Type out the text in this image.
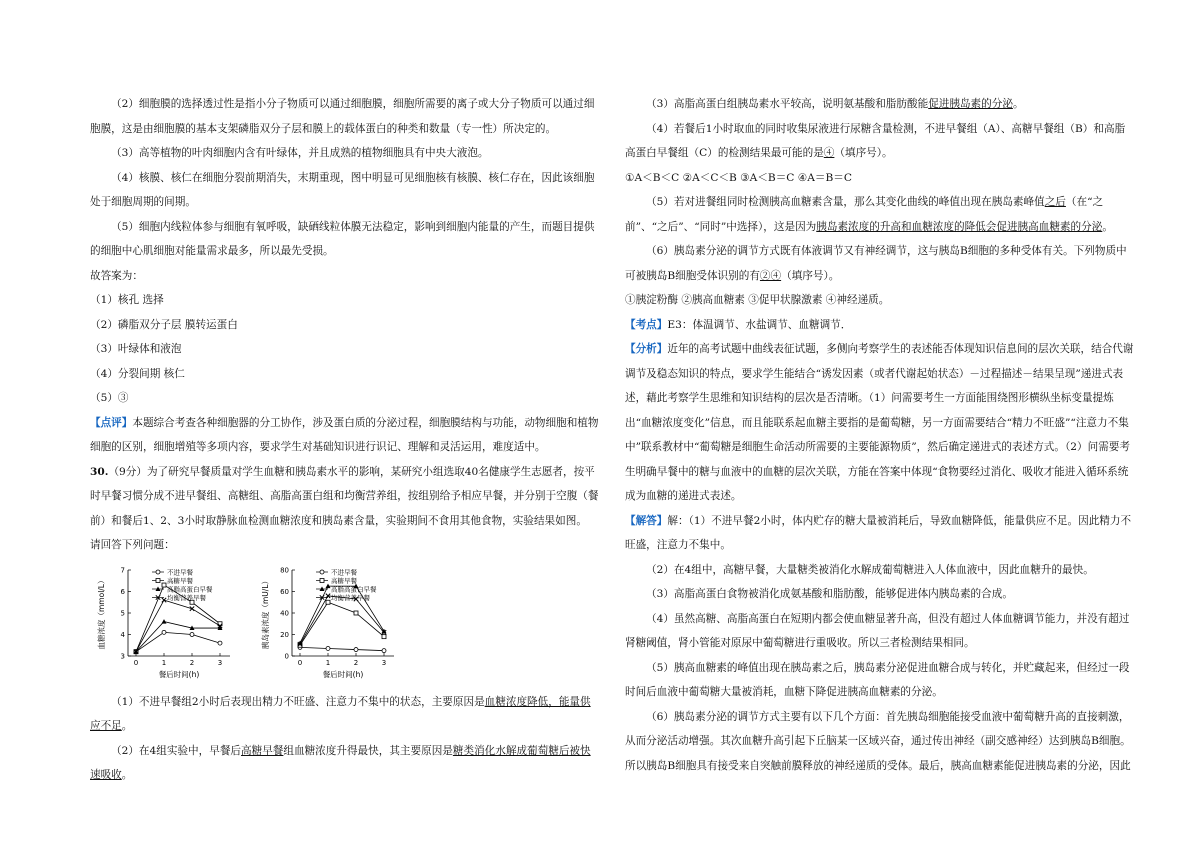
（2）细胞膜的选择透过性是指小分子物质可以通过细胞膜，细胞所需要的离子或大分子物质可以通过细胞膜，这是由细胞膜的基本支架磷脂双分子层和膜上的载体蛋白的种类和数量（专一性）所决定的。

（3）高等植物的叶肉细胞内含有叶绿体，并且成熟的植物细胞具有中央大液泡。

（4）核膜、核仁在细胞分裂前期消失，末期重现，图中明显可见细胞核有核膜、核仁存在，因此该细胞处于细胞周期的间期。

（5）细胞内线粒体参与细胞有氧呼吸，缺硒线粒体膜无法稳定，影响到细胞内能量的产生，而题目提供的细胞中心肌细胞对能量需求最多，所以最先受损。

故答案为：

（1）核孔 选择

（2）磷脂双分子层 膜转运蛋白

（3）叶绿体和液泡

（4）分裂间期 核仁

（5）③

【点评】本题综合考查各种细胞器的分工协作，涉及蛋白质的分泌过程，细胞膜结构与功能，动物细胞和植物细胞的区别，细胞增殖等多项内容，要求学生对基础知识进行识记、理解和灵活运用，难度适中。

30.（9分）为了研究早餐质量对学生血糖和胰岛素水平的影响，某研究小组选取40名健康学生志愿者，按平时早餐习惯分成不进早餐组、高糖组、高脂高蛋白组和均衡营养组，按组别给予相应早餐，并分别于空腹（餐前）和餐后1、2、3小时取静脉血检测血糖浓度和胰岛素含量，实验期间不食用其他食物，实验结果如图。

请回答下列问题：

3
4
5
6
7
0	1	2	3
餐后时间(h)
血糖浓度（mmol/L）
不进早餐
高糖早餐
高脂高蛋白早餐
均衡营养早餐
0
20
40
60
80
0	1	2	3
餐后时间(h)
胰岛素浓度（mU/L）
不进早餐
高糖早餐
高脂高蛋白早餐
均衡营养早餐

（1）不进早餐组2小时后表现出精力不旺盛、注意力不集中的状态，主要原因是血糖浓度降低，能量供应不足。

（2）在4组实验中，早餐后高糖早餐组血糖浓度升得最快，其主要原因是糖类消化水解成葡萄糖后被快速吸收。

（3）高脂高蛋白组胰岛素水平较高，说明氨基酸和脂肪酸能促进胰岛素的分泌。

（4）若餐后1小时取血的同时收集尿液进行尿糖含量检测，不进早餐组（A）、高糖早餐组（B）和高脂高蛋白早餐组（C）的检测结果最可能的是④（填序号）。

①A＜B＜C ②A＜C＜B ③A＜B＝C ④A＝B＝C

（5）若对进餐组同时检测胰高血糖素含量，那么其变化曲线的峰值出现在胰岛素峰值之后（在“之前”、“之后”、“同时”中选择），这是因为胰岛素浓度的升高和血糖浓度的降低会促进胰高血糖素的分泌。

（6）胰岛素分泌的调节方式既有体液调节又有神经调节，这与胰岛B细胞的多种受体有关。下列物质中可被胰岛B细胞受体识别的有②④（填序号）。

①胰淀粉酶 ②胰高血糖素 ③促甲状腺激素 ④神经递质。

【考点】E3：体温调节、水盐调节、血糖调节．

【分析】近年的高考试题中曲线表征试题，多侧向考察学生的表述能否体现知识信息间的层次关联，结合代谢调节及稳态知识的特点，要求学生能结合“诱发因素（或者代谢起始状态）－过程描述－结果呈现”递进式表述，藉此考察学生思维和知识结构的层次是否清晰。（1）问需要考生一方面能围绕图形横纵坐标变量提炼出“血糖浓度变化”信息，而且能联系起血糖主要指的是葡萄糖，另一方面需要结合“精力不旺盛”“注意力不集中”联系教材中“葡萄糖是细胞生命活动所需要的主要能源物质”，然后确定递进式的表述方式。（2）问需要考生明确早餐中的糖与血液中的血糖的层次关联，方能在答案中体现“食物要经过消化、吸收才能进入循环系统成为血糖的递进式表述。

【解答】解：（1）不进早餐2小时，体内贮存的糖大量被消耗后，导致血糖降低，能量供应不足。因此精力不旺盛，注意力不集中。

（2）在4组中，高糖早餐，大量糖类被消化水解成葡萄糖进入人体血液中，因此血糖升的最快。

（3）高脂高蛋白食物被消化成氨基酸和脂肪酸，能够促进体内胰岛素的合成。

（4）虽然高糖、高脂高蛋白在短期内都会使血糖显著升高，但没有超过人体血糖调节能力，并没有超过肾糖阈值，肾小管能对原尿中葡萄糖进行重吸收。所以三者检测结果相同。

（5）胰高血糖素的峰值出现在胰岛素之后，胰岛素分泌促进血糖合成与转化，并贮藏起来，但经过一段时间后血液中葡萄糖大量被消耗，血糖下降促进胰高血糖素的分泌。

（6）胰岛素分泌的调节方式主要有以下几个方面：首先胰岛细胞能接受血液中葡萄糖升高的直接刺激，从而分泌活动增强。其次血糖升高引起下丘脑某一区域兴奋，通过传出神经（副交感神经）达到胰岛B细胞。所以胰岛B细胞具有接受来自突触前膜释放的神经递质的受体。最后，胰高血糖素能促进胰岛素的分泌，因此
